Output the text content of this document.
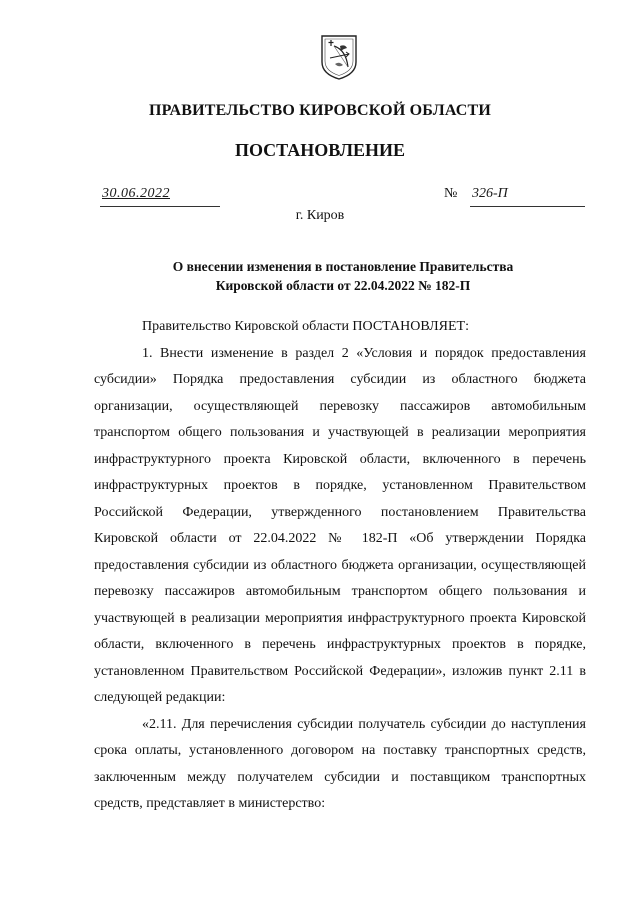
ПРАВИТЕЛЬСТВО КИРОВСКОЙ ОБЛАСТИ
ПОСТАНОВЛЕНИЕ
30.06.2022	№ 326-П
г. Киров
О внесении изменения в постановление Правительства
Кировской области от 22.04.2022 № 182-П

Правительство Кировской области ПОСТАНОВЛЯЕТ:

1. Внести изменение в раздел 2 «Условия и порядок предоставления субсидии» Порядка предоставления субсидии из областного бюджета организации, осуществляющей перевозку пассажиров автомобильным транспортом общего пользования и участвующей в реализации мероприятия инфраструктурного проекта Кировской области, включенного в перечень инфраструктурных проектов в порядке, установленном Правительством Российской Федерации, утвержденного постановлением Правительства Кировской области от 22.04.2022 № 182-П «Об утверждении Порядка предоставления субсидии из областного бюджета организации, осуществляющей перевозку пассажиров автомобильным транспортом общего пользования и участвующей в реализации мероприятия инфраструктурного проекта Кировской области, включенного в перечень инфраструктурных проектов в порядке, установленном Правительством Российской Федерации», изложив пункт 2.11 в следующей редакции:

«2.11. Для перечисления субсидии получатель субсидии до наступления срока оплаты, установленного договором на поставку транспортных средств, заключенным между получателем субсидии и поставщиком транспортных средств, представляет в министерство:
